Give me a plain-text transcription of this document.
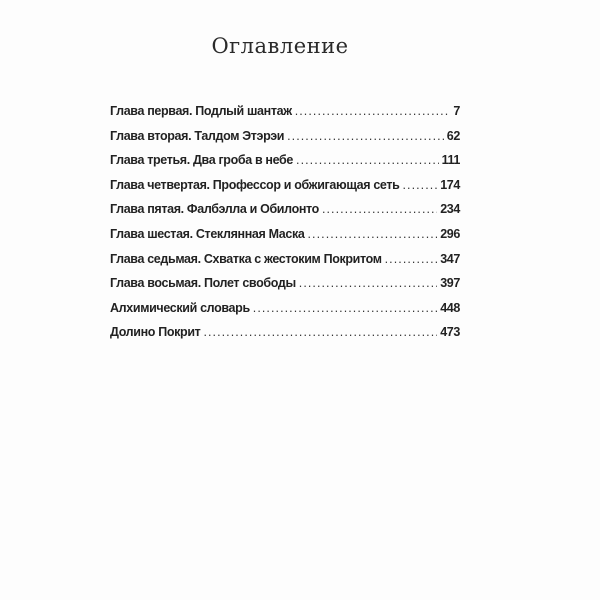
Оглавление
Глава первая. Подлый шантаж . . .	7
Глава вторая. Талдом Этэрэи . . .	62
Глава третья. Два гроба в небе . . .	111
Глава четвертая. Профессор и обжигающая сеть . . .	174
Глава пятая. Фалбэлла и Обилонто . . .	234
Глава шестая. Стеклянная Маска . . .	296
Глава седьмая. Схватка с жестоким Покритом . . .	347
Глава восьмая. Полет свободы . . .	397
Алхимический словарь . . .	448
Долино Покрит . . .	473
